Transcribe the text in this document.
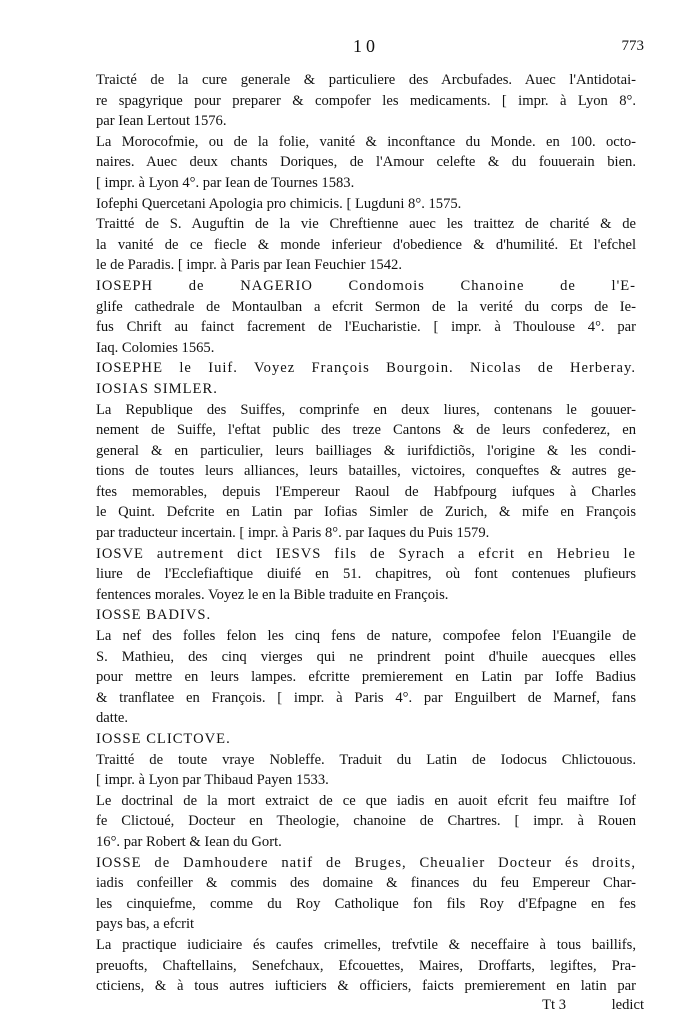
10	773
Traicté de la cure generale & particuliere des Arcbufades. Auec l'Antidotai-
re spagyrique pour preparer & compofer les medicaments. [ impr. à Lyon 8°.
par Iean Lertout 1576.
La Morocofmie, ou de la folie, vanité & inconftance du Monde. en 100. octo-
naires. Auec deux chants Doriques, de l'Amour celefte & du fouuerain bien.
[ impr. à Lyon 4°. par Iean de Tournes 1583.
Iofephi Quercetani Apologia pro chimicis. [ Lugduni 8°. 1575.
Traitté de S. Auguftin de la vie Chreftienne auec les traittez de charité & de
la vanité de ce fiecle & monde inferieur d'obedience & d'humilité. Et l'efchel
le de Paradis. [ impr. à Paris par Iean Feuchier 1542.
IOSEPH de NAGERIO Condomois Chanoine de l'E-
glife cathedrale de Montaulban a efcrit Sermon de la verité du corps de Ie-
fus Chrift au fainct facrement de l'Eucharistie. [ impr. à Thoulouse 4°. par
Iaq. Colomies 1565.
IOSEPHE le Iuif. Voyez François Bourgoin. Nicolas de Herberay.
IOSIAS SIMLER.
La Republique des Suiffes, comprinfe en deux liures, contenans le gouuer-
nement de Suiffe, l'eftat public des treze Cantons & de leurs confederez, en
general & en particulier, leurs bailliages & iurifdictiõs, l'origine & les condi-
tions de toutes leurs alliances, leurs batailles, victoires, conqueftes & autres ge-
ftes memorables, depuis l'Empereur Raoul de Habfpourg iufques à Charles
le Quint. Defcrite en Latin par Iofias Simler de Zurich, & mife en François
par traducteur incertain. [ impr. à Paris 8°. par Iaques du Puis 1579.
IOSVE autrement dict IESVS fils de Syrach a efcrit en Hebrieu le
liure de l'Ecclefiaftique diuifé en 51. chapitres, où font contenues plufieurs
fentences morales. Voyez le en la Bible traduite en François.
IOSSE BADIVS.
La nef des folles felon les cinq fens de nature, compofee felon l'Euangile de
S. Mathieu, des cinq vierges qui ne prindrent point d'huile auecques elles
pour mettre en leurs lampes. efcritte premierement en Latin par Ioffe Badius
& tranflatee en François. [ impr. à Paris 4°. par Enguilbert de Marnef, fans
datte.
IOSSE CLICTOVE.
Traitté de toute vraye Nobleffe. Traduit du Latin de Iodocus Chlictouous.
[ impr. à Lyon par Thibaud Payen 1533.
Le doctrinal de la mort extraict de ce que iadis en auoit efcrit feu maiftre Iof
fe Clictoué, Docteur en Theologie, chanoine de Chartres. [ impr. à Rouen
16°. par Robert & Iean du Gort.
IOSSE de Damhoudere natif de Bruges, Cheualier Docteur és droits,
iadis confeiller & commis des domaine & finances du feu Empereur Char-
les cinquiefme, comme du Roy Catholique fon fils Roy d'Efpagne en fes
pays bas, a efcrit
La practique iudiciaire és caufes crimelles, trefvtile & neceffaire à tous baillifs,
preuofts, Chaftellains, Senefchaux, Efcouettes, Maires, Droffarts, legiftes, Pra-
cticiens, & à tous autres iufticiers & officiers, faicts premierement en latin par
Tt 3	ledict
